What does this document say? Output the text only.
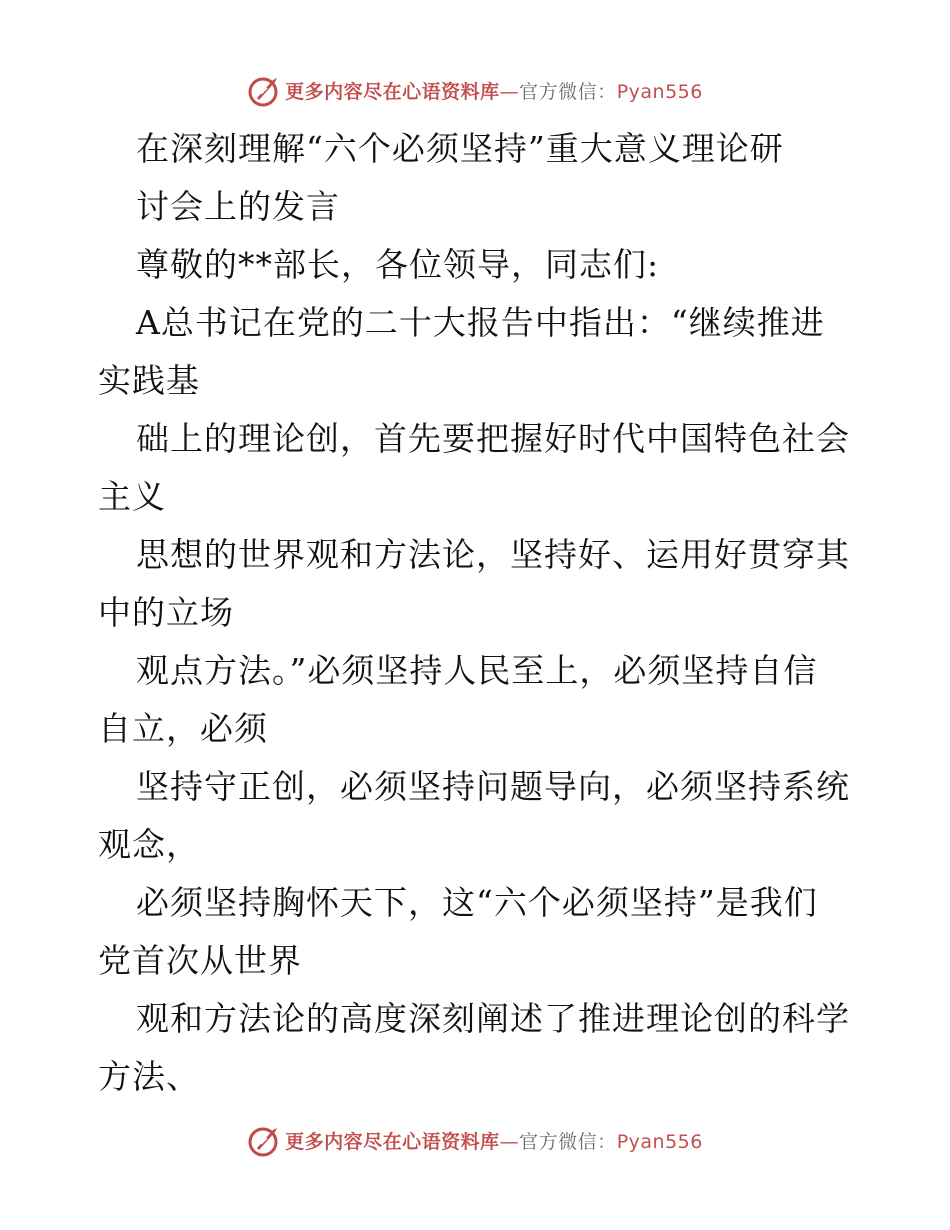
更多内容尽在心语资料库—官方微信：Pyan556
在深刻理解“六个必须坚持”重大意义理论研
讨会上的发言
尊敬的**部长，各位领导，同志们:
A总书记在党的二十大报告中指出：“继续推进
实践基
础上的理论创，首先要把握好时代中国特色社会
主义
思想的世界观和方法论，坚持好、运用好贯穿其
中的立场
观点方法。”必须坚持人民至上，必须坚持自信
自立，必须
坚持守正创，必须坚持问题导向，必须坚持系统
观念，
必须坚持胸怀天下，这“六个必须坚持”是我们
党首次从世界
观和方法论的高度深刻阐述了推进理论创的科学
方法、
更多内容尽在心语资料库—官方微信：Pyan556
